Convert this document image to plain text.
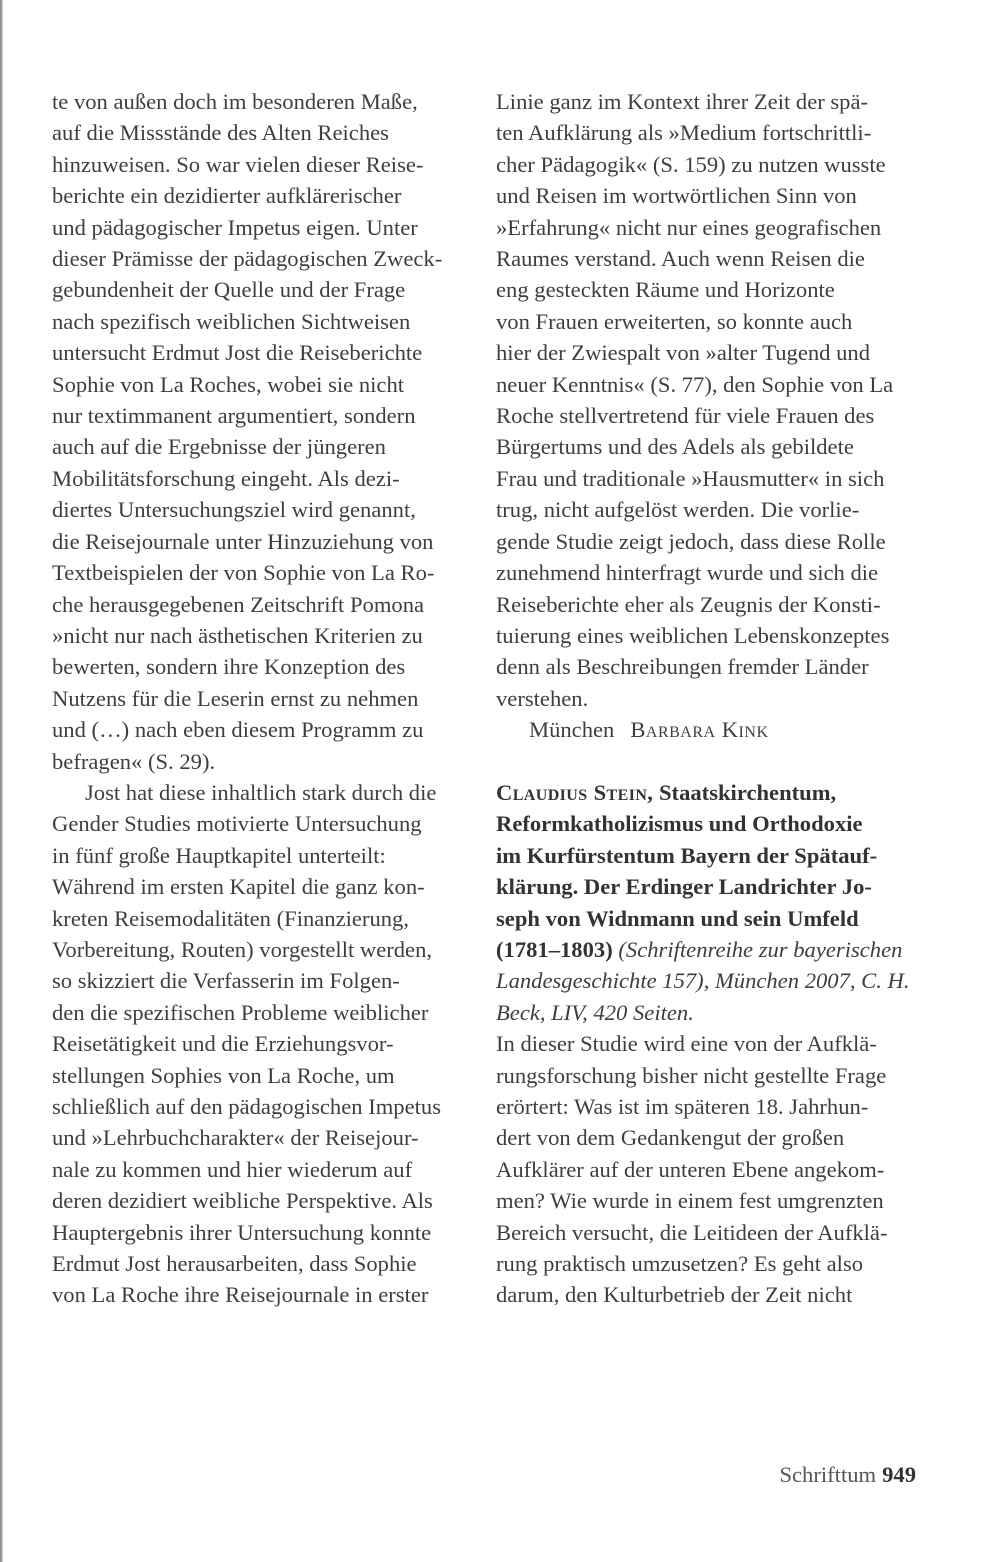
te von außen doch im besonderen Maße,
auf die Missstände des Alten Reiches
hinzuweisen. So war vielen dieser Reise-
berichte ein dezidierter aufklärerischer
und pädagogischer Impetus eigen. Unter
dieser Prämisse der pädagogischen Zweck-
gebundenheit der Quelle und der Frage
nach spezifisch weiblichen Sichtweisen
untersucht Erdmut Jost die Reiseberichte
Sophie von La Roches, wobei sie nicht
nur textimmanent argumentiert, sondern
auch auf die Ergebnisse der jüngeren
Mobilitätsforschung eingeht. Als dezi-
diertes Untersuchungsziel wird genannt,
die Reisejournale unter Hinzuziehung von
Textbeispielen der von Sophie von La Ro-
che herausgegebenen Zeitschrift Pomona
»nicht nur nach ästhetischen Kriterien zu
bewerten, sondern ihre Konzeption des
Nutzens für die Leserin ernst zu nehmen
und (…) nach eben diesem Programm zu
befragen« (S. 29).
Jost hat diese inhaltlich stark durch die
Gender Studies motivierte Untersuchung
in fünf große Hauptkapitel unterteilt:
Während im ersten Kapitel die ganz kon-
kreten Reisemodalitäten (Finanzierung,
Vorbereitung, Routen) vorgestellt werden,
so skizziert die Verfasserin im Folgen-
den die spezifischen Probleme weiblicher
Reisetätigkeit und die Erziehungsvor-
stellungen Sophies von La Roche, um
schließlich auf den pädagogischen Impetus
und »Lehrbuchcharakter« der Reisejour-
nale zu kommen und hier wiederum auf
deren dezidiert weibliche Perspektive. Als
Hauptergebnis ihrer Untersuchung konnte
Erdmut Jost herausarbeiten, dass Sophie
von La Roche ihre Reisejournale in erster
Linie ganz im Kontext ihrer Zeit der spä-
ten Aufklärung als »Medium fortschrittli-
cher Pädagogik« (S. 159) zu nutzen wusste
und Reisen im wortwörtlichen Sinn von
»Erfahrung« nicht nur eines geografischen
Raumes verstand. Auch wenn Reisen die
eng gesteckten Räume und Horizonte
von Frauen erweiterten, so konnte auch
hier der Zwiespalt von »alter Tugend und
neuer Kenntnis« (S. 77), den Sophie von La
Roche stellvertretend für viele Frauen des
Bürgertums und des Adels als gebildete
Frau und traditionale »Hausmutter« in sich
trug, nicht aufgelöst werden. Die vorlie-
gende Studie zeigt jedoch, dass diese Rolle
zunehmend hinterfragt wurde und sich die
Reiseberichte eher als Zeugnis der Konsti-
tuierung eines weiblichen Lebenskonzeptes
denn als Beschreibungen fremder Länder
verstehen.
München Barbara Kink
Claudius Stein, Staatskirchentum,
Reformkatholizismus und Orthodoxie
im Kurfürstentum Bayern der Spätauf-
klärung. Der Erdinger Landrichter Jo-
seph von Widnmann und sein Umfeld
(1781–1803) (Schriftenreihe zur bayerischen
Landesgeschichte 157), München 2007, C. H.
Beck, LIV, 420 Seiten.
In dieser Studie wird eine von der Aufklä-
rungsforschung bisher nicht gestellte Frage
erörtert: Was ist im späteren 18. Jahrhun-
dert von dem Gedankengut der großen
Aufklärer auf der unteren Ebene angekom-
men? Wie wurde in einem fest umgrenzten
Bereich versucht, die Leitideen der Aufklä-
rung praktisch umzusetzen? Es geht also
darum, den Kulturbetrieb der Zeit nicht
Schrifttum 949
